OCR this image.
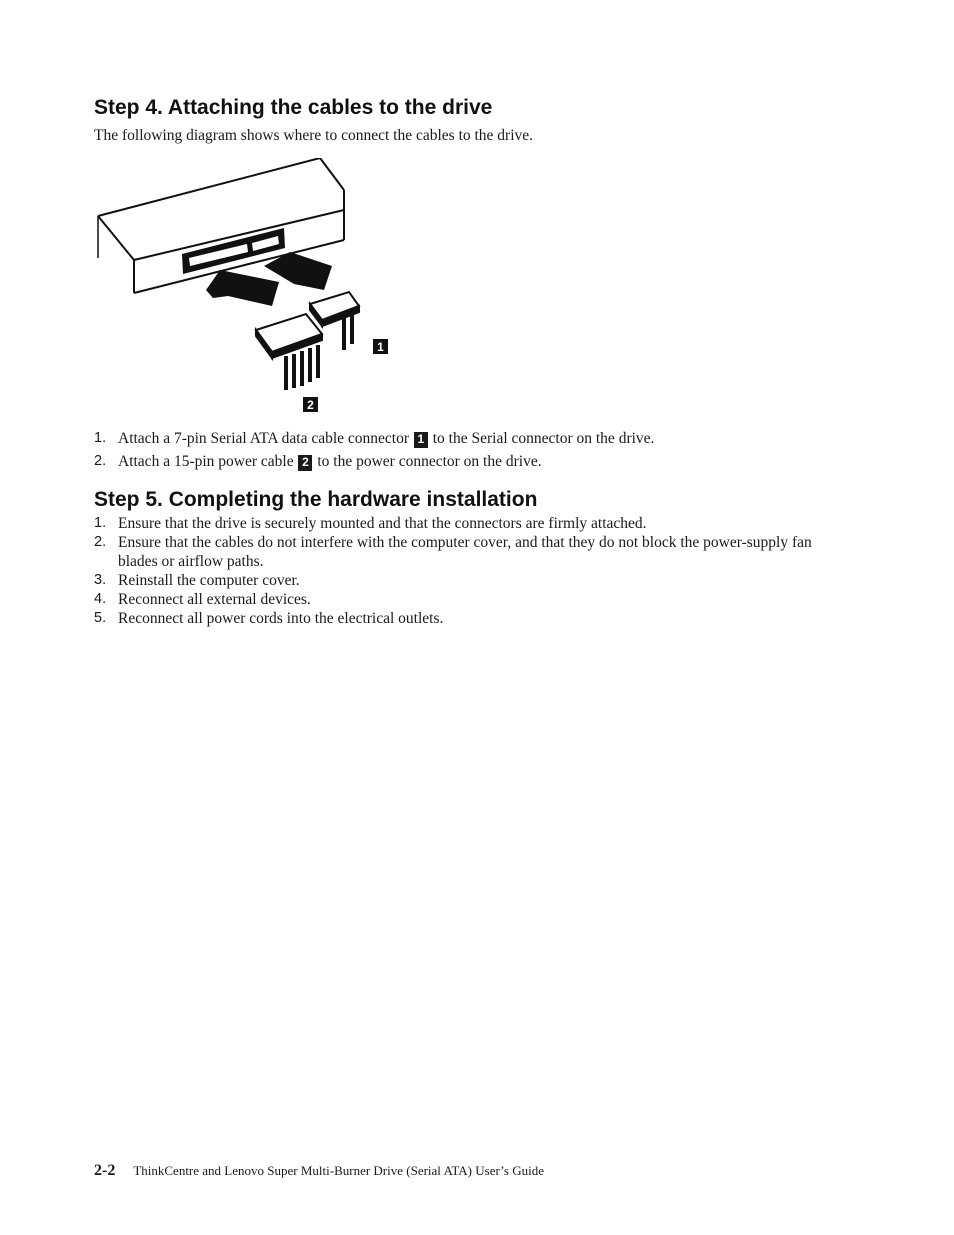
Step 4. Attaching the cables to the drive

The following diagram shows where to connect the cables to the drive.

1
2
1. Attach a 7-pin Serial ATA data cable connector 1 to the Serial connector on the drive.
2. Attach a 15-pin power cable 2 to the power connector on the drive.
Step 5. Completing the hardware installation
1. Ensure that the drive is securely mounted and that the connectors are firmly attached.
2. Ensure that the cables do not interfere with the computer cover, and that they do not block the power-supply fan blades or airflow paths.
3. Reinstall the computer cover.
4. Reconnect all external devices.
5. Reconnect all power cords into the electrical outlets.
2-2 ThinkCentre and Lenovo Super Multi-Burner Drive (Serial ATA) User’s Guide
